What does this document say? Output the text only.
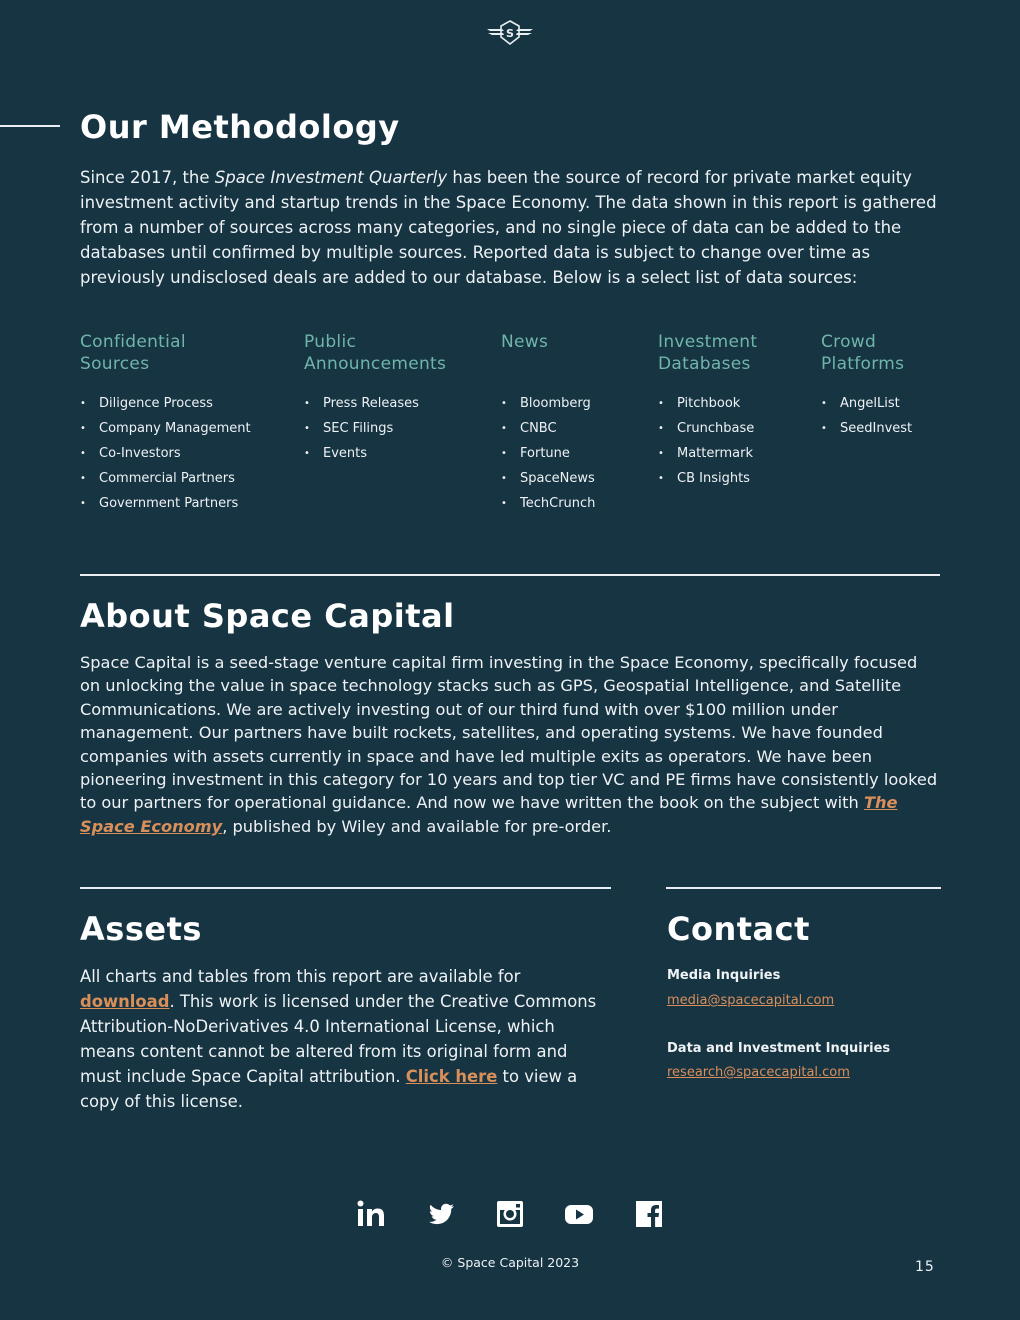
S
Our Methodology

Since 2017, the Space Investment Quarterly has been the source of record for private market equity investment activity and startup trends in the Space Economy. The data shown in this report is gathered from a number of sources across many categories, and no single piece of data can be added to the databases until confirmed by multiple sources. Reported data is subject to change over time as previously undisclosed deals are added to our database. Below is a select list of data sources:

Confidential Sources
• Diligence Process
• Company Management
• Co-Investors
• Commercial Partners
• Government Partners
Public Announcements
• Press Releases
• SEC Filings
• Events
News
• Bloomberg
• CNBC
• Fortune
• SpaceNews
• TechCrunch
Investment Databases
• Pitchbook
• Crunchbase
• Mattermark
• CB Insights
Crowd Platforms
• AngelList
• SeedInvest
About Space Capital

Space Capital is a seed-stage venture capital firm investing in the Space Economy, specifically focused on unlocking the value in space technology stacks such as GPS, Geospatial Intelligence, and Satellite Communications. We are actively investing out of our third fund with over $100 million under management. Our partners have built rockets, satellites, and operating systems. We have founded companies with assets currently in space and have led multiple exits as operators. We have been pioneering investment in this category for 10 years and top tier VC and PE firms have consistently looked to our partners for operational guidance. And now we have written the book on the subject with The Space Economy, published by Wiley and available for pre-order.

Assets

All charts and tables from this report are available for download. This work is licensed under the Creative Commons Attribution-NoDerivatives 4.0 International License, which means content cannot be altered from its original form and must include Space Capital attribution. Click here to view a copy of this license.

Contact
Media Inquiries
media@spacecapital.com
Data and Investment Inquiries
research@spacecapital.com
© Space Capital 2023	15
